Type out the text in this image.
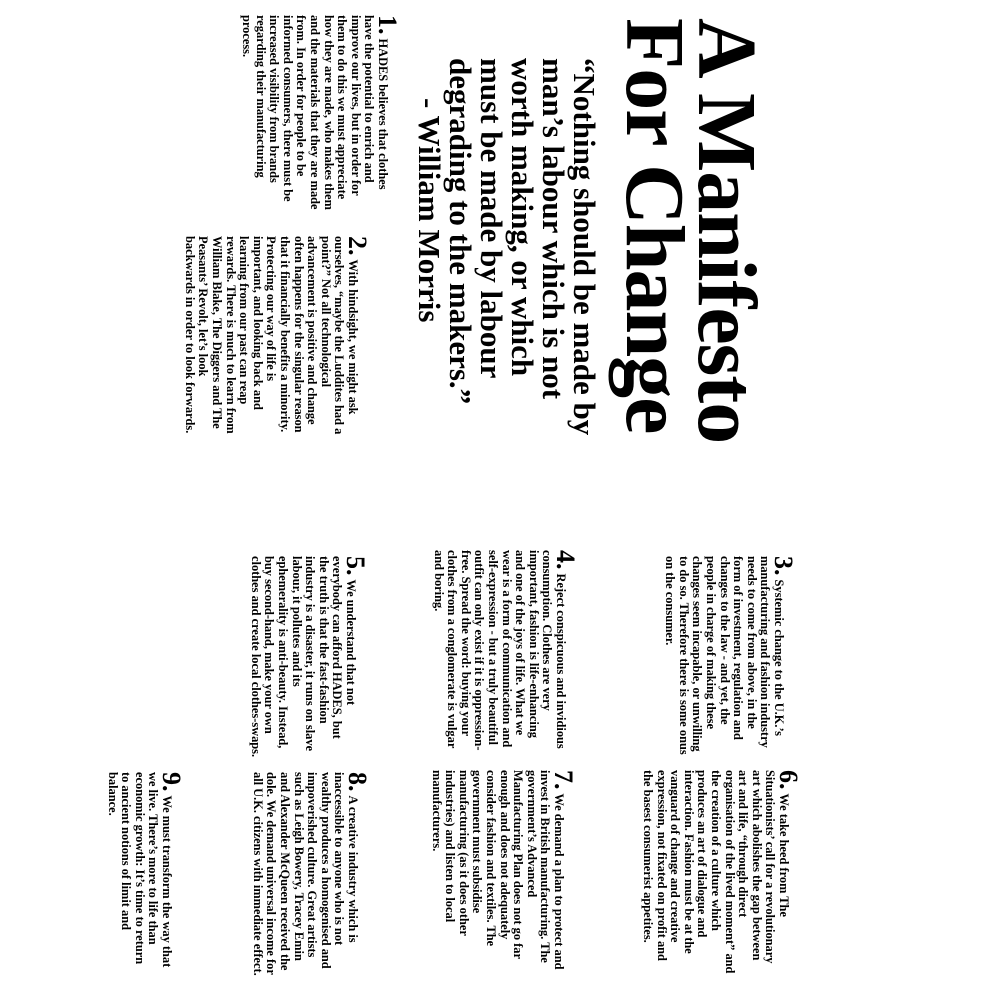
A Manifesto
For Change
“Nothing should be made by man’s labour which is not worth making, or which must be made by labour degrading to the makers.”
- William Morris
1.HADES believes that clothes have the potential to enrich and improve our lives, but in order for them to do this we must appreciate how they are made, who makes them and the materials that they are made from. In order for people to be informed consumers, there must be increased visibility from brands regarding their manufacturing process.
2.With hindsight, we might ask ourselves, “maybe the Luddites had a point?” Not all technological advancement is positive and change often happens for the singular reason that it financially benefits a minority. Protecting our way of life is important, and looking back and learning from our past can reap rewards. There is much to learn from William Blake, The Diggers and The Peasants’ Revolt, let’s look backwards in order to look forwards.
3.Systemic change to the U.K.’s manufacturing and fashion industry needs to come from above, in the form of investment, regulation and changes to the law - and yet, the people in charge of making these changes seem incapable, or unwilling to do so. Therefore there is some onus on the consumer.
4.Reject conspicuous and invidious consumption. Clothes are very important, fashion is life-enhancing and one of the joys of life. What we wear is a form of communication and self-expression - but a truly beautiful outfit can only exist if it is oppression-free. Spread the word: buying your clothes from a conglomerate is vulgar and boring.
5.We understand that not everybody can afford HADES, but the truth is that the fast-fashion industry is a disaster, it runs on slave labour, it pollutes and its ephemerality is anti-beauty. Instead, buy second-hand, make your own clothes and create local clothes-swaps.
6.We take heed from The Situationists’ call for a revolutionary art which abolishes the gap between art and life, “through direct organisation of the lived moment” and the creation of a culture which produces an art of dialogue and interaction. Fashion must be at the vanguard of change and creative expression, not fixated on profit and the basest consumerist appetites.
7.We demand a plan to protect and invest in British manufacturing. The government’s Advanced Manufacturing Plan does not go far enough and does not adequately consider fashion and textiles. The government must subsidise manufacturing (as it does other industries) and listen to local manufacturers.
8.A creative industry which is inaccessible to anyone who is not wealthy produces a homogenised and impoverished culture. Great artists such as Leigh Bowery, Tracey Emin and Alexander McQueen received the dole. We demand universal income for all U.K. citizens with immediate effect.
9.We must transform the way that we live. There’s more to life than economic growth: It’s time to return to ancient notions of limit and balance.
